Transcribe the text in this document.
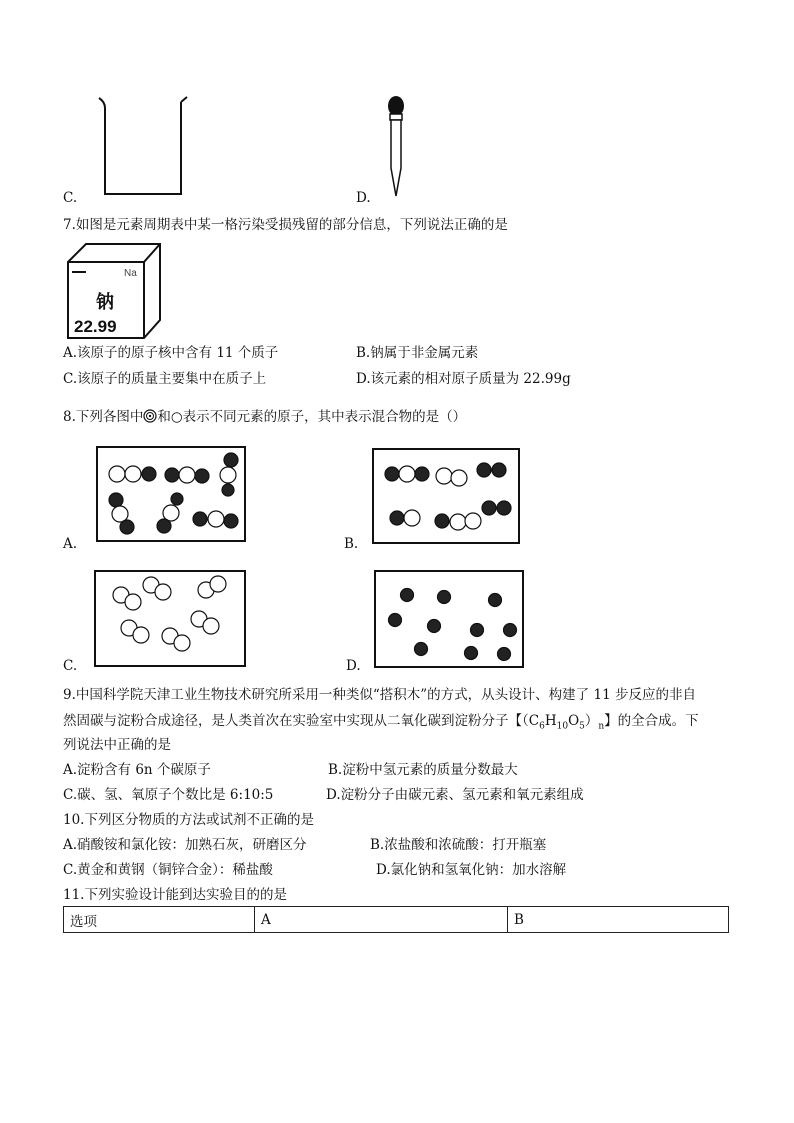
C.	D.
7.如图是元素周期表中某一格污染受损残留的部分信息，下列说法正确的是
Na
钠
22.99
A.该原子的原子核中含有 11 个质子	B.钠属于非金属元素
C.该原子的质量主要集中在质子上	D.该元素的相对原子质量为 22.99g
8.下列各图中 和○表示不同元素的原子，其中表示混合物的是（）
A.	B.
C.	D.
9.中国科学院天津工业生物技术研究所采用一种类似“搭积木”的方式，从头设计、构建了 11 步反应的非自
然固碳与淀粉合成途径，是人类首次在实验室中实现从二氧化碳到淀粉分子【$(C_6H_{10}O_5)_n$】的全合成。下
列说法中正确的是
A.淀粉含有 6n 个碳原子	B.淀粉中氢元素的质量分数最大
C.碳、氢、氧原子个数比是 6:10:5	D.淀粉分子由碳元素、氢元素和氧元素组成
10.下列区分物质的方法或试剂不正确的是
A.硝酸铵和氯化铵：加熟石灰，研磨区分	B.浓盐酸和浓硫酸：打开瓶塞
C.黄金和黄钢（铜锌合金）：稀盐酸	D.氯化钠和氢氧化钠：加水溶解
11.下列实验设计能到达实验目的的是
选项	A	B
